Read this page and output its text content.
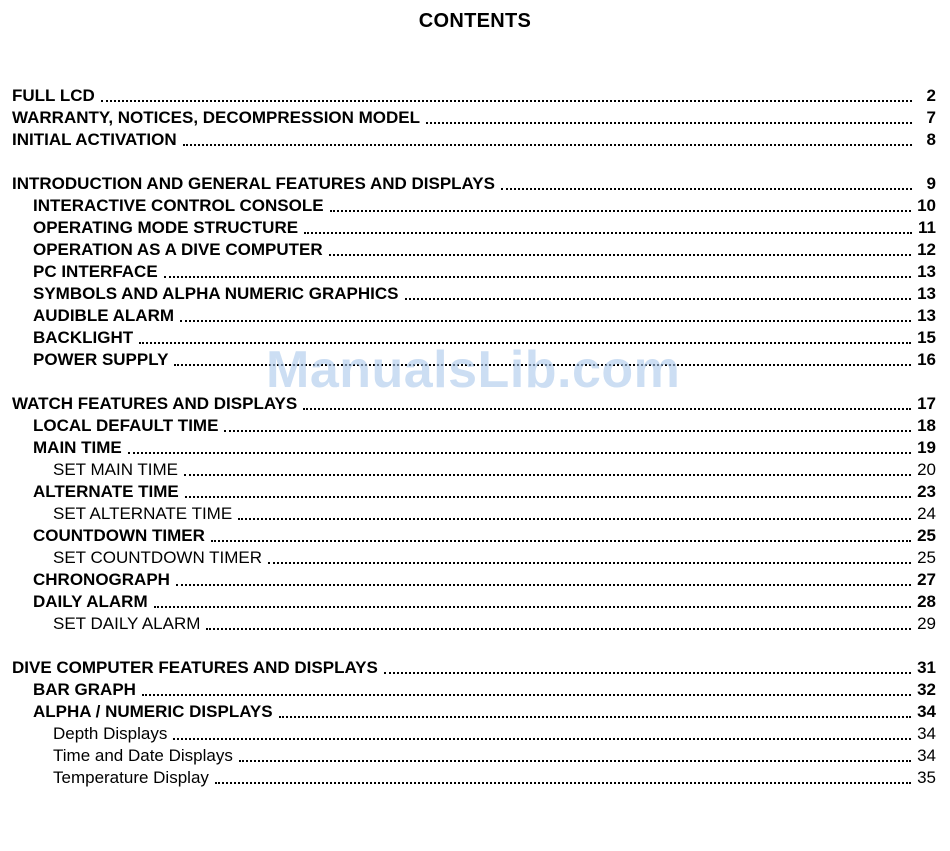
CONTENTS
FULL LCD	2
WARRANTY, NOTICES, DECOMPRESSION MODEL	7
INITIAL ACTIVATION	8
INTRODUCTION AND GENERAL FEATURES AND DISPLAYS	9
INTERACTIVE CONTROL CONSOLE	10
OPERATING MODE STRUCTURE	11
OPERATION AS A DIVE COMPUTER	12
PC INTERFACE	13
SYMBOLS AND ALPHA NUMERIC GRAPHICS	13
AUDIBLE ALARM	13
BACKLIGHT	15
POWER SUPPLY	16
WATCH FEATURES AND DISPLAYS	17
LOCAL DEFAULT TIME	18
MAIN TIME	19
SET MAIN TIME	20
ALTERNATE TIME	23
SET ALTERNATE TIME	24
COUNTDOWN TIMER	25
SET COUNTDOWN TIMER	25
CHRONOGRAPH	27
DAILY ALARM	28
SET DAILY ALARM	29
DIVE COMPUTER FEATURES AND DISPLAYS	31
BAR GRAPH	32
ALPHA / NUMERIC DISPLAYS	34
Depth Displays	34
Time and Date Displays	34
Temperature Display	35
ManualsLib.com
